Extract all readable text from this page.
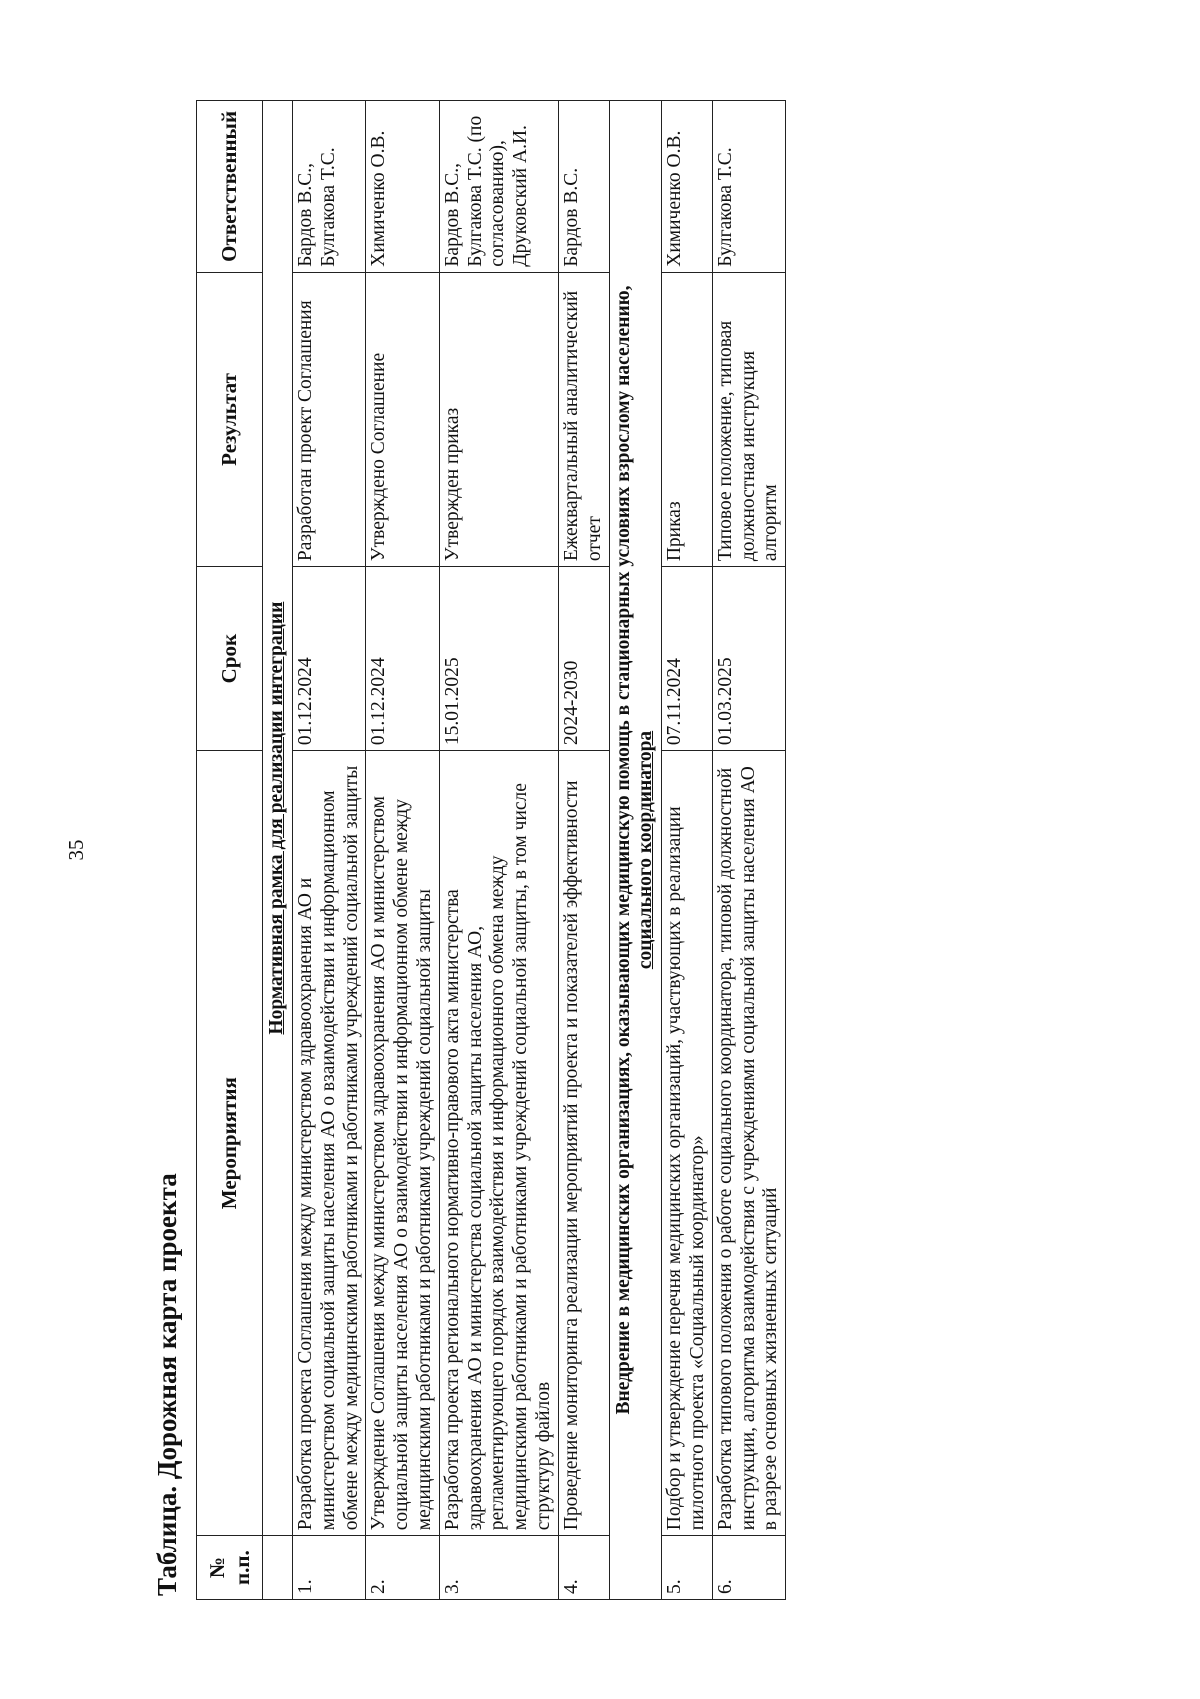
35
Таблица. Дорожная карта проекта № п.п.	Мероприятия	Срок	Результат	Ответственный
	Нормативная рамка для реализации интеграции			
1.	Разработка проекта Соглашения между министерством здравоохранения АО и министерством социальной защиты населения АО о взаимодействии и информационном обмене между медицинскими работниками и работниками учреждений социальной защиты	01.12.2024	Разработан проект Соглашения	Бардов В.С., Булгакова Т.С.
2.	Утверждение Соглашения между министерством здравоохранения АО и министерством социальной защиты населения АО о взаимодействии и информационном обмене между медицинскими работниками и работниками учреждений социальной защиты	01.12.2024	Утверждено Соглашение	Химиченко О.В.
3.	Разработка проекта регионального нормативно-правового акта министерства здравоохранения АО и министерства социальной защиты населения АО, регламентирующего порядок взаимодействия и информационного обмена между медицинскими работниками и работниками учреждений социальной защиты, в том числе структуру файлов	15.01.2025	Утвержден приказ	Бардов В.С., Булгакова Т.С. (по согласованию), Друковский А.И.
4.	Проведение мониторинга реализации мероприятий проекта и показателей эффективности	2024-2030	Ежеквартальный аналитический отчет	Бардов В.С.

Внедрение в медицинских организациях, оказывающих медицинскую помощь в стационарных условиях взрослому населению, социального координатора				

5.	Подбор и утверждение перечня медицинских организаций, участвующих в реализации пилотного проекта «Социальный координатор»	07.11.2024	Приказ	Химиченко О.В.
6.	Разработка типового положения о работе социального координатора, типовой должностной инструкции, алгоритма взаимодействия с учреждениями социальной защиты населения АО в разрезе основных жизненных ситуаций	01.03.2025	Типовое положение, типовая должностная инструкция алгоритм	Булгакова Т.С.
